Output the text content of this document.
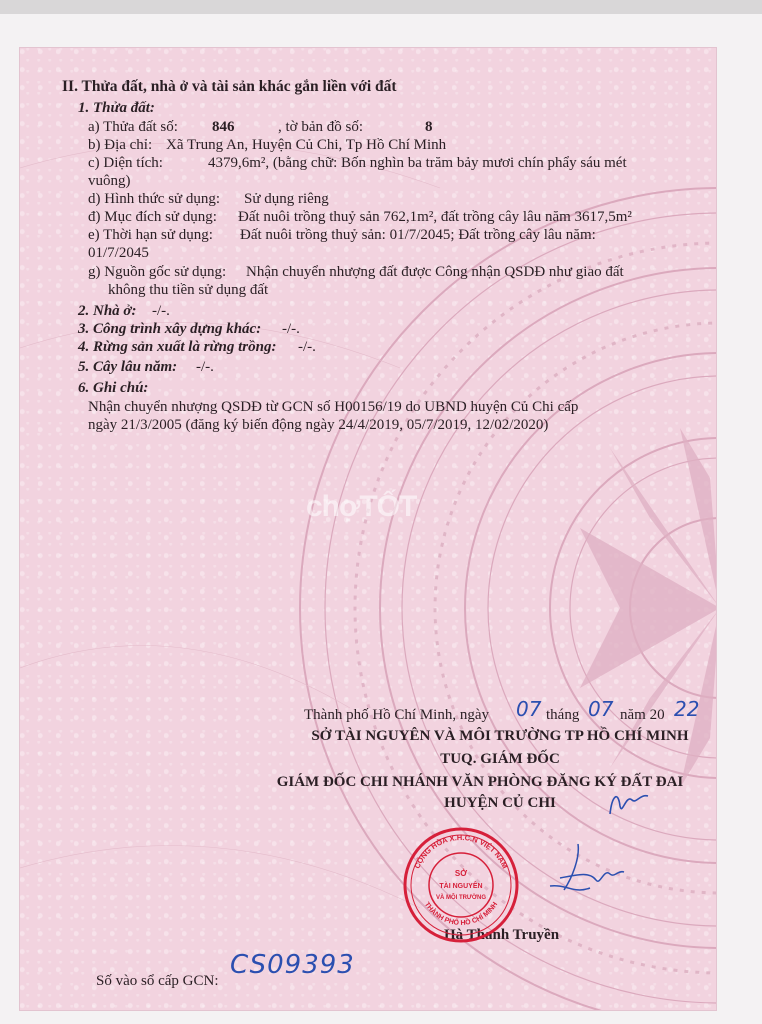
chợTỐT
II. Thửa đất, nhà ở và tài sản khác gắn liền với đất
1. Thửa đất:
a) Thửa đất số: 846	, tờ bản đồ số:	8
b) Địa chỉ: Xã Trung An, Huyện Củ Chi, Tp Hồ Chí Minh
c) Diện tích:	4379,6m², (bằng chữ: Bốn nghìn ba trăm bảy mươi chín phẩy sáu mét
vuông)
d) Hình thức sử dụng: Sử dụng riêng
đ) Mục đích sử dụng: Đất nuôi trồng thuỷ sản 762,1m², đất trồng cây lâu năm 3617,5m²
e) Thời hạn sử dụng: Đất nuôi trồng thuỷ sản: 01/7/2045; Đất trồng cây lâu năm:
01/7/2045
g) Nguồn gốc sử dụng: Nhận chuyển nhượng đất được Công nhận QSDĐ như giao đất
không thu tiền sử dụng đất
2. Nhà ở: -/-.
3. Công trình xây dựng khác: -/-.
4. Rừng sản xuất là rừng trồng: -/-.
5. Cây lâu năm: -/-.
6. Ghi chú:
Nhận chuyển nhượng QSDĐ từ GCN số H00156/19 do UBND huyện Củ Chi cấp
ngày 21/3/2005 (đăng ký biến động ngày 24/4/2019, 05/7/2019, 12/02/2020)
Thành phố Hồ Chí Minh, ngày 07 tháng 07 năm 20 22
SỞ TÀI NGUYÊN VÀ MÔI TRƯỜNG TP HỒ CHÍ MINH
TUQ. GIÁM ĐỐC
GIÁM ĐỐC CHI NHÁNH VĂN PHÒNG ĐĂNG KÝ ĐẤT ĐAI
HUYỆN CỦ CHI
Hà Thanh Truyền
Số vào sổ cấp GCN:
CS09393
CỘNG HÒA X.H.C.N VIỆT NAM
THÀNH PHỐ HỒ CHÍ MINH
SỞ
TÀI NGUYÊN
VÀ MÔI TRƯỜNG
